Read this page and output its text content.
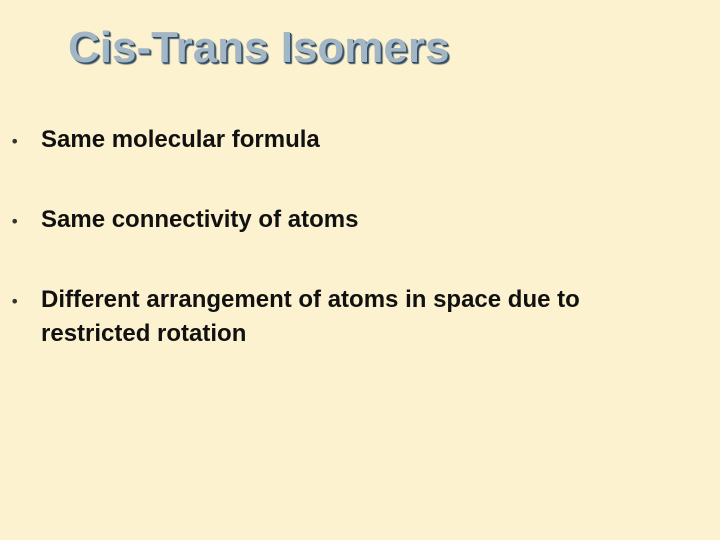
Cis-Trans Isomers
• Same molecular formula
• Same connectivity of atoms
• Different arrangement of atoms in space due to restricted rotation
